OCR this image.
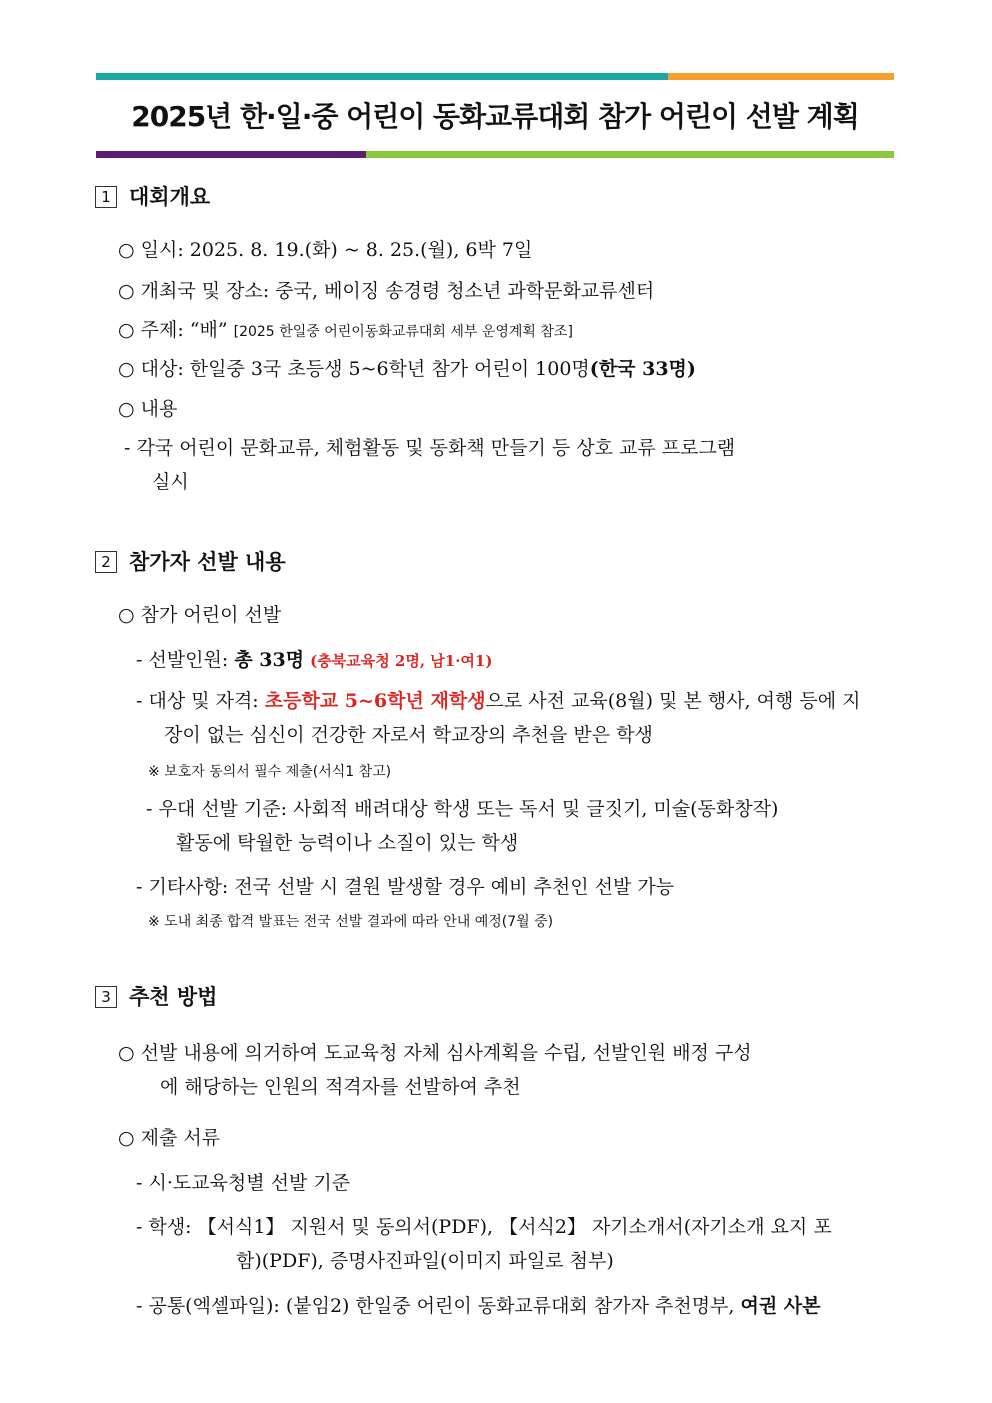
2025년 한·일·중 어린이 동화교류대회 참가 어린이 선발 계획
1 대회개요
○ 일시: 2025. 8. 19.(화) ~ 8. 25.(월), 6박 7일
○ 개최국 및 장소: 중국, 베이징 송경령 청소년 과학문화교류센터
○ 주제: “배” [2025 한일중 어린이동화교류대회 세부 운영계획 참조]
○ 대상: 한일중 3국 초등생 5~6학년 참가 어린이 100명(한국 33명)
○ 내용
- 각국 어린이 문화교류, 체험활동 및 동화책 만들기 등 상호 교류 프로그램
실시
2 참가자 선발 내용
○ 참가 어린이 선발
- 선발인원: 총 33명 (충북교육청 2명, 남1·여1)
- 대상 및 자격: 초등학교 5~6학년 재학생으로 사전 교육(8월) 및 본 행사, 여행 등에 지
장이 없는 심신이 건강한 자로서 학교장의 추천을 받은 학생
※ 보호자 동의서 필수 제출(서식1 참고)
- 우대 선발 기준: 사회적 배려대상 학생 또는 독서 및 글짓기, 미술(동화창작)
활동에 탁월한 능력이나 소질이 있는 학생
- 기타사항: 전국 선발 시 결원 발생할 경우 예비 추천인 선발 가능
※ 도내 최종 합격 발표는 전국 선발 결과에 따라 안내 예정(7월 중)
3 추천 방법
○ 선발 내용에 의거하여 도교육청 자체 심사계획을 수립, 선발인원 배정 구성
에 해당하는 인원의 적격자를 선발하여 추천
○ 제출 서류
- 시·도교육청별 선발 기준
- 학생: 【서식1】 지원서 및 동의서(PDF), 【서식2】 자기소개서(자기소개 요지 포
함)(PDF), 증명사진파일(이미지 파일로 첨부)
- 공통(엑셀파일): (붙임2) 한일중 어린이 동화교류대회 참가자 추천명부, 여권 사본
